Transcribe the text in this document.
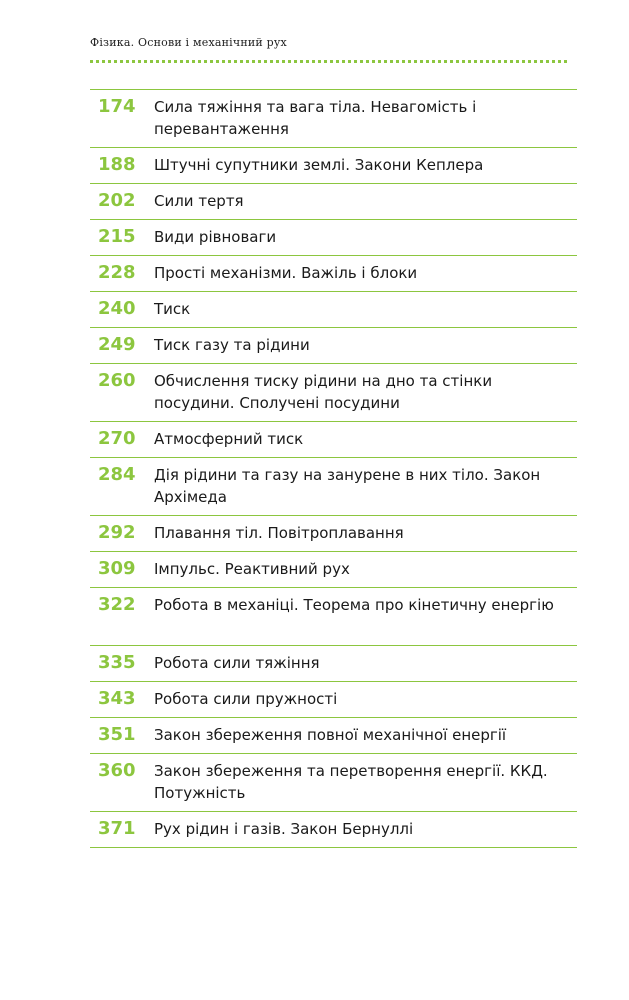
Фізика. Основи і механічний рух
174	Сила тяжіння та вага тіла. Невагомість і перевантаження
188	Штучні супутники землі. Закони Кеплера
202	Сили тертя
215	Види рівноваги
228	Прості механізми. Важіль і блоки
240	Тиск
249	Тиск газу та рідини
260	Обчислення тиску рідини на дно та стінки посудини. Сполучені посудини
270	Атмосферний тиск
284	Дія рідини та газу на занурене в них тіло. Закон Архімеда
292	Плавання тіл. Повітроплавання
309	Імпульс. Реактивний рух
322	Робота в механіці. Теорема про кінетичну енергію
335	Робота сили тяжіння
343	Робота сили пружності
351	Закон збереження повної механічної енергії
360	Закон збереження та перетворення енергії. ККД. Потужність
371	Рух рідин і газів. Закон Бернуллі
